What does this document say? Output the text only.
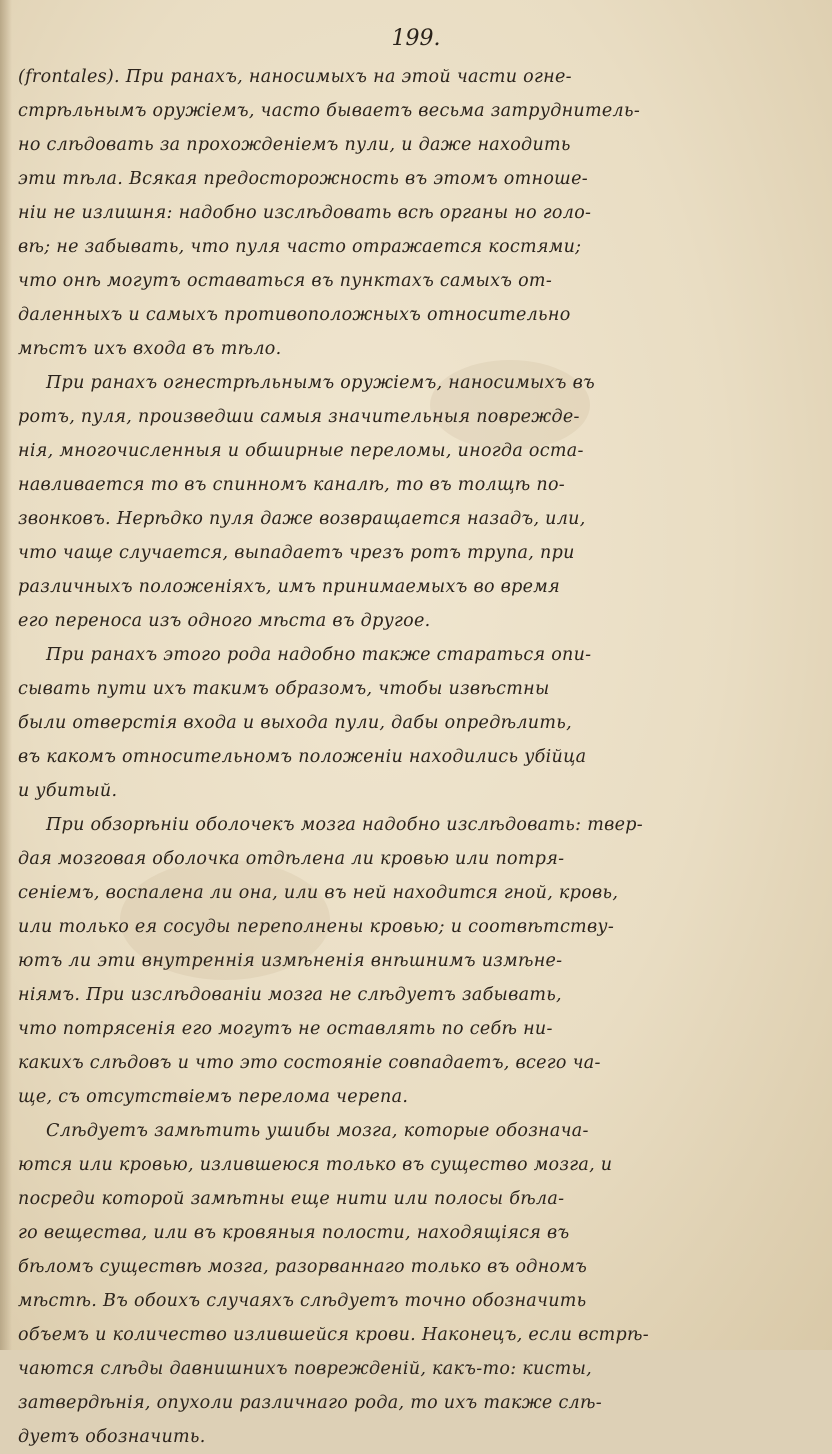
199.
(frontales). При ранахъ, наносимыхъ на этой части огне-
стрѣльнымъ оружіемъ, часто бываетъ весьма затруднитель-
но слѣдовать за прохожденіемъ пули, и даже находить
эти тѣла. Всякая предосторожность въ этомъ отноше-
ніи не излишня: надобно изслѣдовать всѣ органы но голо-
вѣ; не забывать, что пуля часто отражается костями;
что онѣ могутъ оставаться въ пунктахъ самыхъ от-
даленныхъ и самыхъ противоположныхъ относительно
мѣстъ ихъ входа въ тѣло.
При ранахъ огнестрѣльнымъ оружіемъ, наносимыхъ въ
ротъ, пуля, произведши самыя значительныя поврежде-
нія, многочисленныя и обширные переломы, иногда оста-
навливается то въ спинномъ каналѣ, то въ толщѣ по-
звонковъ. Нерѣдко пуля даже возвращается назадъ, или,
что чаще случается, выпадаетъ чрезъ ротъ трупа, при
различныхъ положеніяхъ, имъ принимаемыхъ во время
его переноса изъ одного мѣста въ другое.
При ранахъ этого рода надобно также стараться опи-
сывать пути ихъ такимъ образомъ, чтобы извѣстны
были отверстія входа и выхода пули, дабы опредѣлить,
въ какомъ относительномъ положеніи находились убійца
и убитый.
При обзорѣніи оболочекъ мозга надобно изслѣдовать: твер-
дая мозговая оболочка отдѣлена ли кровью или потря-
сеніемъ, воспалена ли она, или въ ней находится гной, кровь,
или только ея сосуды переполнены кровью; и соотвѣтству-
ютъ ли эти внутреннія измѣненія внѣшнимъ измѣне-
ніямъ. При изслѣдованіи мозга не слѣдуетъ забывать,
что потрясенія его могутъ не оставлять по себѣ ни-
какихъ слѣдовъ и что это состояніе совпадаетъ, всего ча-
ще, съ отсутствіемъ перелома черепа.
Слѣдуетъ замѣтить ушибы мозга, которые обознача-
ются или кровью, излившеюся только въ существо мозга, и
посреди которой замѣтны еще нити или полосы бѣла-
го вещества, или въ кровяныя полости, находящіяся въ
бѣломъ существѣ мозга, разорваннаго только въ одномъ
мѣстѣ. Въ обоихъ случаяхъ слѣдуетъ точно обозначить
объемъ и количество излившейся крови. Наконецъ, если встрѣ-
чаются слѣды давнишнихъ поврежденій, какъ-то: кисты,
затвердѣнія, опухоли различнаго рода, то ихъ также слѣ-
дуетъ обозначить.
